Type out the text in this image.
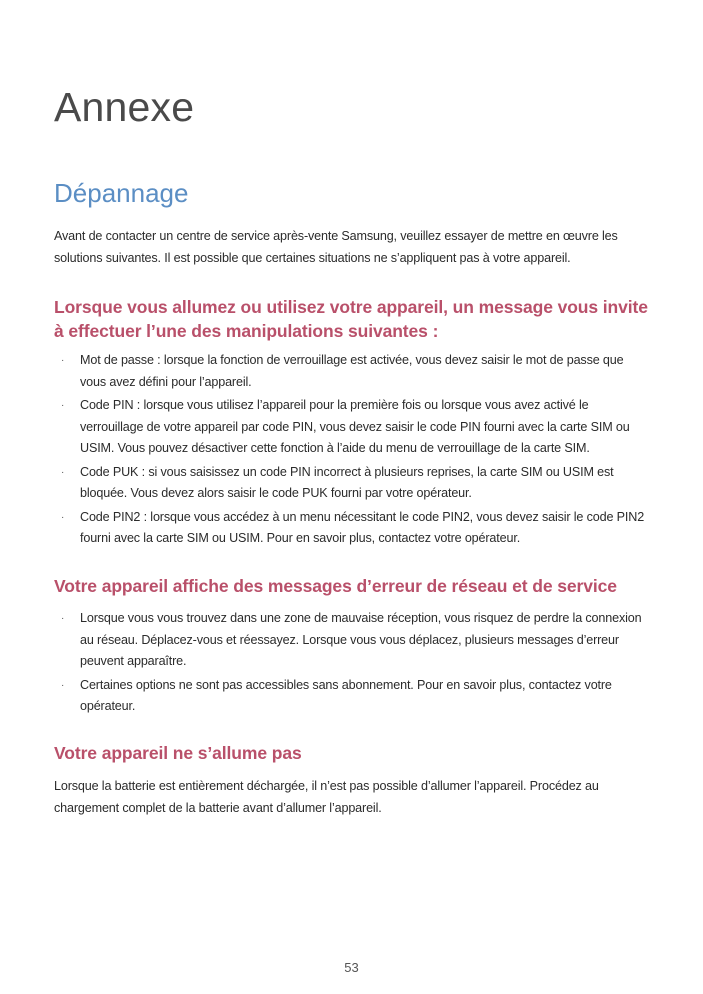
Annexe
Dépannage

Avant de contacter un centre de service après-vente Samsung, veuillez essayer de mettre en œuvre les solutions suivantes. Il est possible que certaines situations ne s’appliquent pas à votre appareil.

Lorsque vous allumez ou utilisez votre appareil, un message vous invite à effectuer l’une des manipulations suivantes :
· Mot de passe : lorsque la fonction de verrouillage est activée, vous devez saisir le mot de passe que vous avez défini pour l’appareil.
· Code PIN : lorsque vous utilisez l’appareil pour la première fois ou lorsque vous avez activé le verrouillage de votre appareil par code PIN, vous devez saisir le code PIN fourni avec la carte SIM ou USIM. Vous pouvez désactiver cette fonction à l’aide du menu de verrouillage de la carte SIM.
· Code PUK : si vous saisissez un code PIN incorrect à plusieurs reprises, la carte SIM ou USIM est bloquée. Vous devez alors saisir le code PUK fourni par votre opérateur.
· Code PIN2 : lorsque vous accédez à un menu nécessitant le code PIN2, vous devez saisir le code PIN2 fourni avec la carte SIM ou USIM. Pour en savoir plus, contactez votre opérateur.
Votre appareil affiche des messages d’erreur de réseau et de service
· Lorsque vous vous trouvez dans une zone de mauvaise réception, vous risquez de perdre la connexion au réseau. Déplacez-vous et réessayez. Lorsque vous vous déplacez, plusieurs messages d’erreur peuvent apparaître.
· Certaines options ne sont pas accessibles sans abonnement. Pour en savoir plus, contactez votre opérateur.
Votre appareil ne s’allume pas

Lorsque la batterie est entièrement déchargée, il n’est pas possible d’allumer l’appareil. Procédez au chargement complet de la batterie avant d’allumer l’appareil.

53
